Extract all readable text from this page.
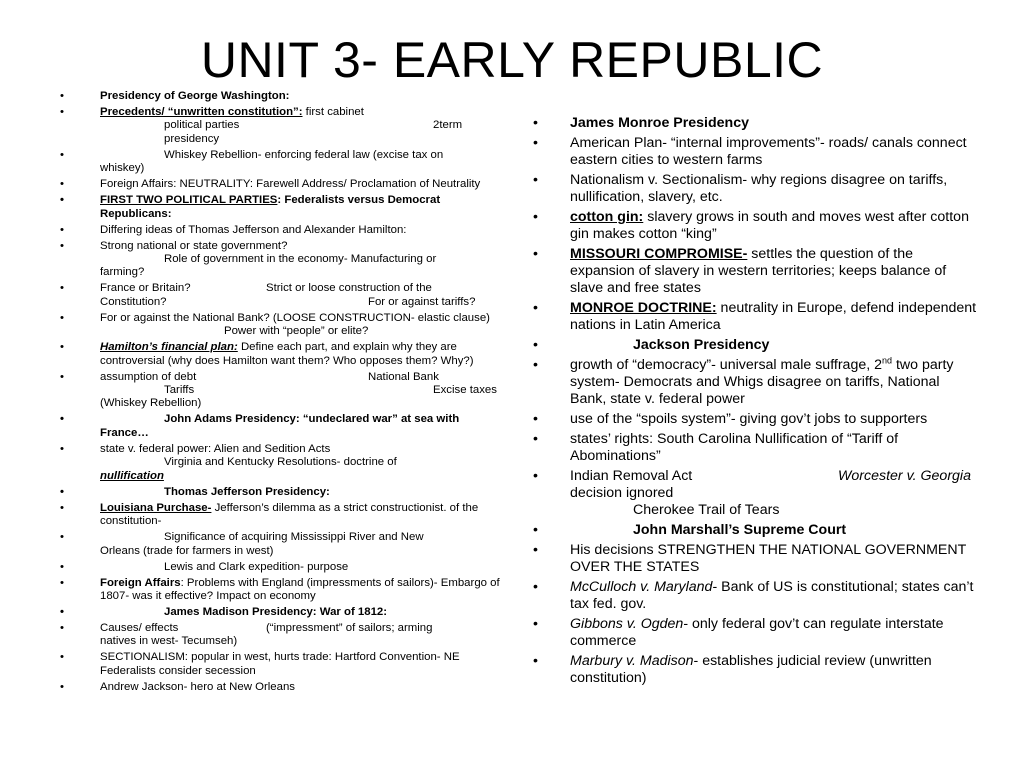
UNIT 3- EARLY REPUBLIC
• Presidency of George Washington:
• Precedents/ “unwritten constitution”: first cabinet
political parties	2term presidency
• Whiskey Rebellion- enforcing federal law (excise tax on
whiskey)
• Foreign Affairs: NEUTRALITY: Farewell Address/ Proclamation of Neutrality
• FIRST TWO POLITICAL PARTIES: Federalists versus Democrat Republicans:
• Differing ideas of Thomas Jefferson and Alexander Hamilton:
• Strong national or state government?
Role of government in the economy- Manufacturing or
farming?
• France or Britain?	Strict or loose construction of the
Constitution?	For or against tariffs?
• For or against the National Bank? (LOOSE CONSTRUCTION- elastic clause)
Power with “people” or elite?
• Hamilton’s financial plan: Define each part, and explain why they are controversial (why does Hamilton want them? Who opposes them? Why?)
• assumption of debt	National Bank
Tariffs	Excise taxes
(Whiskey Rebellion)
• John Adams Presidency: “undeclared war” at sea with
France…
• state v. federal power: Alien and Sedition Acts
Virginia and Kentucky Resolutions- doctrine of
nullification
• Thomas Jefferson Presidency:
• Louisiana Purchase- Jefferson’s dilemma as a strict constructionist. of the constitution-
• Significance of acquiring Mississippi River and New
Orleans (trade for farmers in west)
• Lewis and Clark expedition- purpose
• Foreign Affairs: Problems with England (impressments of sailors)- Embargo of 1807- was it effective? Impact on economy
• James Madison Presidency: War of 1812:
• Causes/ effects	(“impressment” of sailors; arming
natives in west- Tecumseh)
• SECTIONALISM: popular in west, hurts trade: Hartford Convention- NE Federalists consider secession
• Andrew Jackson- hero at New Orleans
• James Monroe Presidency
• American Plan- “internal improvements”- roads/ canals connect eastern cities to western farms
• Nationalism v. Sectionalism- why regions disagree on tariffs, nullification, slavery, etc.
• cotton gin: slavery grows in south and moves west after cotton gin makes cotton “king”
• MISSOURI COMPROMISE- settles the question of the expansion of slavery in western territories; keeps balance of slave and free states
• MONROE DOCTRINE: neutrality in Europe, defend independent nations in Latin America
• Jackson Presidency
• growth of “democracy”- universal male suffrage, 2nd two party system- Democrats and Whigs disagree on tariffs, National Bank, state v. federal power
• use of the “spoils system”- giving gov’t jobs to supporters
• states’ rights: South Carolina Nullification of “Tariff of Abominations”
• Indian Removal Act	Worcester v. Georgia decision ignored
Cherokee Trail of Tears
• John Marshall’s Supreme Court
• His decisions STRENGTHEN THE NATIONAL GOVERNMENT OVER THE STATES
• McCulloch v. Maryland- Bank of US is constitutional; states can’t tax fed. gov.
• Gibbons v. Ogden- only federal gov’t can regulate interstate commerce
• Marbury v. Madison- establishes judicial review (unwritten constitution)
